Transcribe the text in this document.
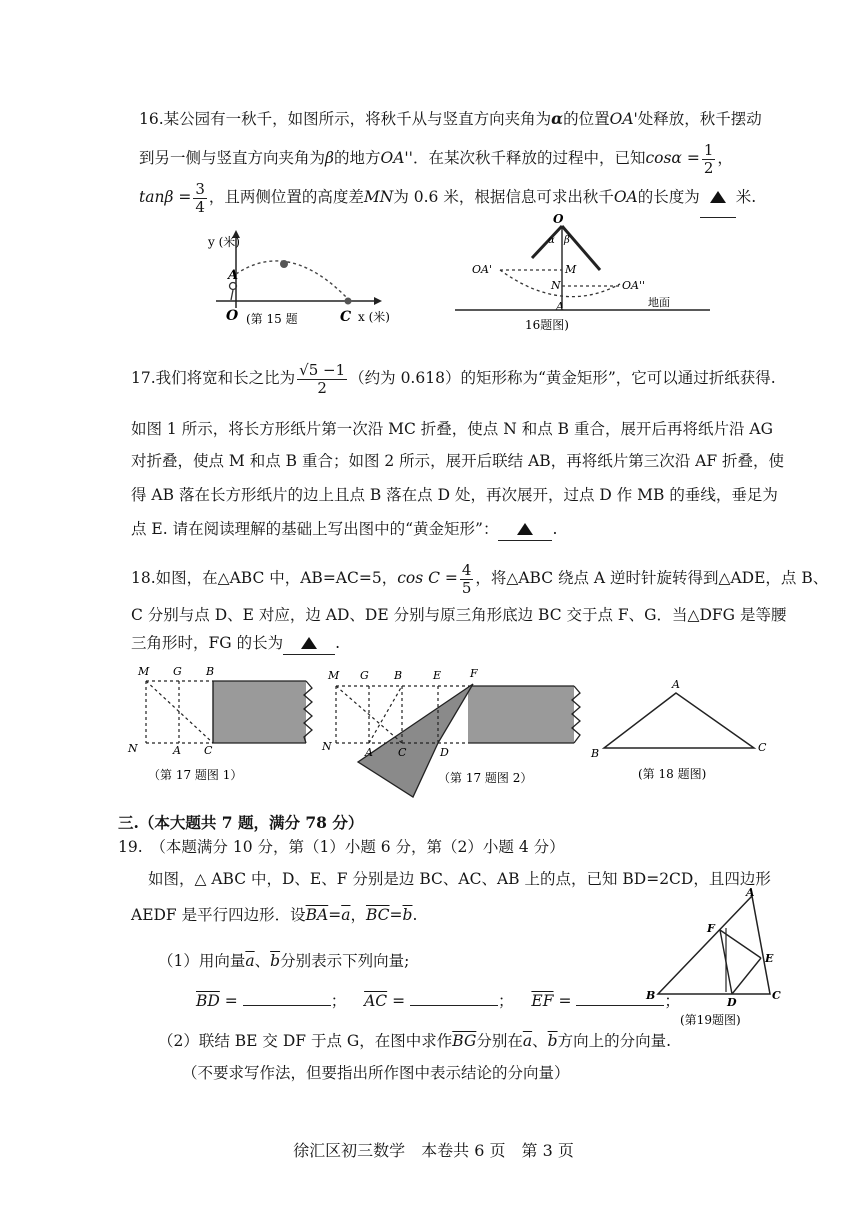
16.某公园有一秋千，如图所示，将秋千从与竖直方向夹角为α的位置OA'处释放，秋千摆动
到另一侧与竖直方向夹角为β的地方OA''．在某次秋千释放的过程中，已知$\cos\alpha = \frac{1}{2}$ ，
$\tan\beta = \frac{3}{4}$ ，且两侧位置的高度差MN为 0.6 米，根据信息可求出秋千OA的长度为 米.
y (米)
A
O (第 15 题	C x (米)
O
α β
OA'	M
N	OA''
A	地面
16题图)
17.我们将宽和长之比为 $\frac{√5 -1}{2}$ （约为 0.618）的矩形称为“黄金矩形”，它可以通过折纸获得.
如图 1 所示，将长方形纸片第一次沿 MC 折叠，使点 N 和点 B 重合，展开后再将纸片沿 AG
对折叠，使点 M 和点 B 重合；如图 2 所示，展开后联结 AB，再将纸片第三次沿 AF 折叠，使
得 AB 落在长方形纸片的边上且点 B 落在点 D 处，再次展开，过点 D 作 MB 的垂线，垂足为
点 E. 请在阅读理解的基础上写出图中的“黄金矩形”：	.
18.如图，在△ABC 中，AB=AC=5，$\cos C = \frac{4}{5}$ ，将△ABC 绕点 A 逆时针旋转得到△ADE，点 B、
C 分别与点 D、E 对应，边 AD、DE 分别与原三角形底边 BC 交于点 F、G．当△DFG 是等腰
三角形时，FG 的长为	.
M G B
N	A C
（第 17 题图 1）
M G B	E	F
N	A C	D
（第 17 题图 2）
A
B	C
(第 18 题图)
三.（本大题共 7 题，满分 78 分）
19.　（本题满分 10 分，第（1）小题 6 分，第（2）小题 4 分）
如图，△ ABC 中，D、E、F 分别是边 BC、AC、AB 上的点，已知 BD=2CD，且四边形
AEDF 是平行四边形．设$\overline{BA}=\overline{a}$，$\overline{BC}=\overline{b}$.
（1）用向量$\overline{a}$、$\overline{b}$分别表示下列向量;
$\overline{BD}$ =	； $\overline{AC}$ =	； $\overline{EF}$ =	；
（2）联结 BE 交 DF 于点 G，在图中求作$\overline{BG}$分别在$\overline{a}$、$\overline{b}$方向上的分向量.
（不要求写作法，但要指出所作图中表示结论的分向量）
A
F
E
B
D
C
(第19题图)
徐汇区初三数学　本卷共 6 页　第 3 页
